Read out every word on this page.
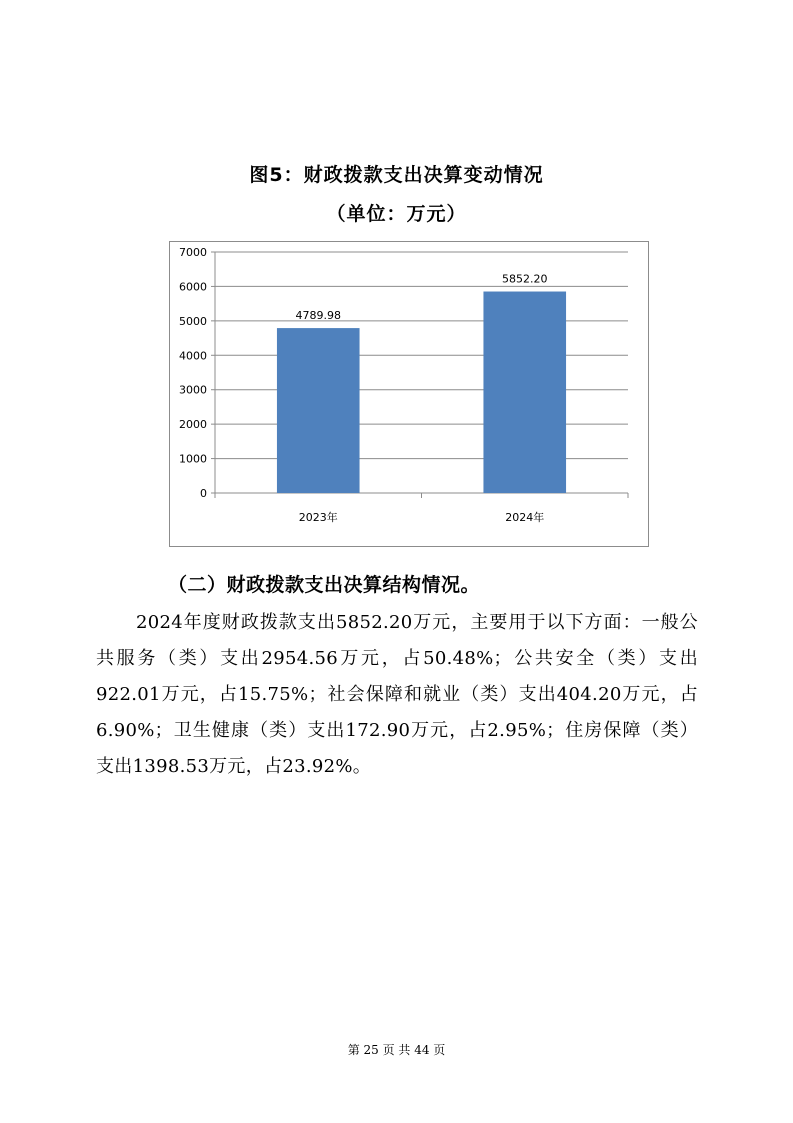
图5：财政拨款支出决算变动情况
（单位：万元）
0
1000
2000
3000
4000
5000
6000
7000
4789.98
2023年
5852.20
2024年
（二）财政拨款支出决算结构情况。
2024年度财政拨款支出5852.20万元，主要用于以下方面：一般公共服务（类）支出2954.56万元，占50.48%；公共安全（类）支出922.01万元，占15.75%；社会保障和就业（类）支出404.20万元，占6.90%；卫生健康（类）支出172.90万元，占2.95%；住房保障（类）支出1398.53万元，占23.92%。
第 25 页 共 44 页
